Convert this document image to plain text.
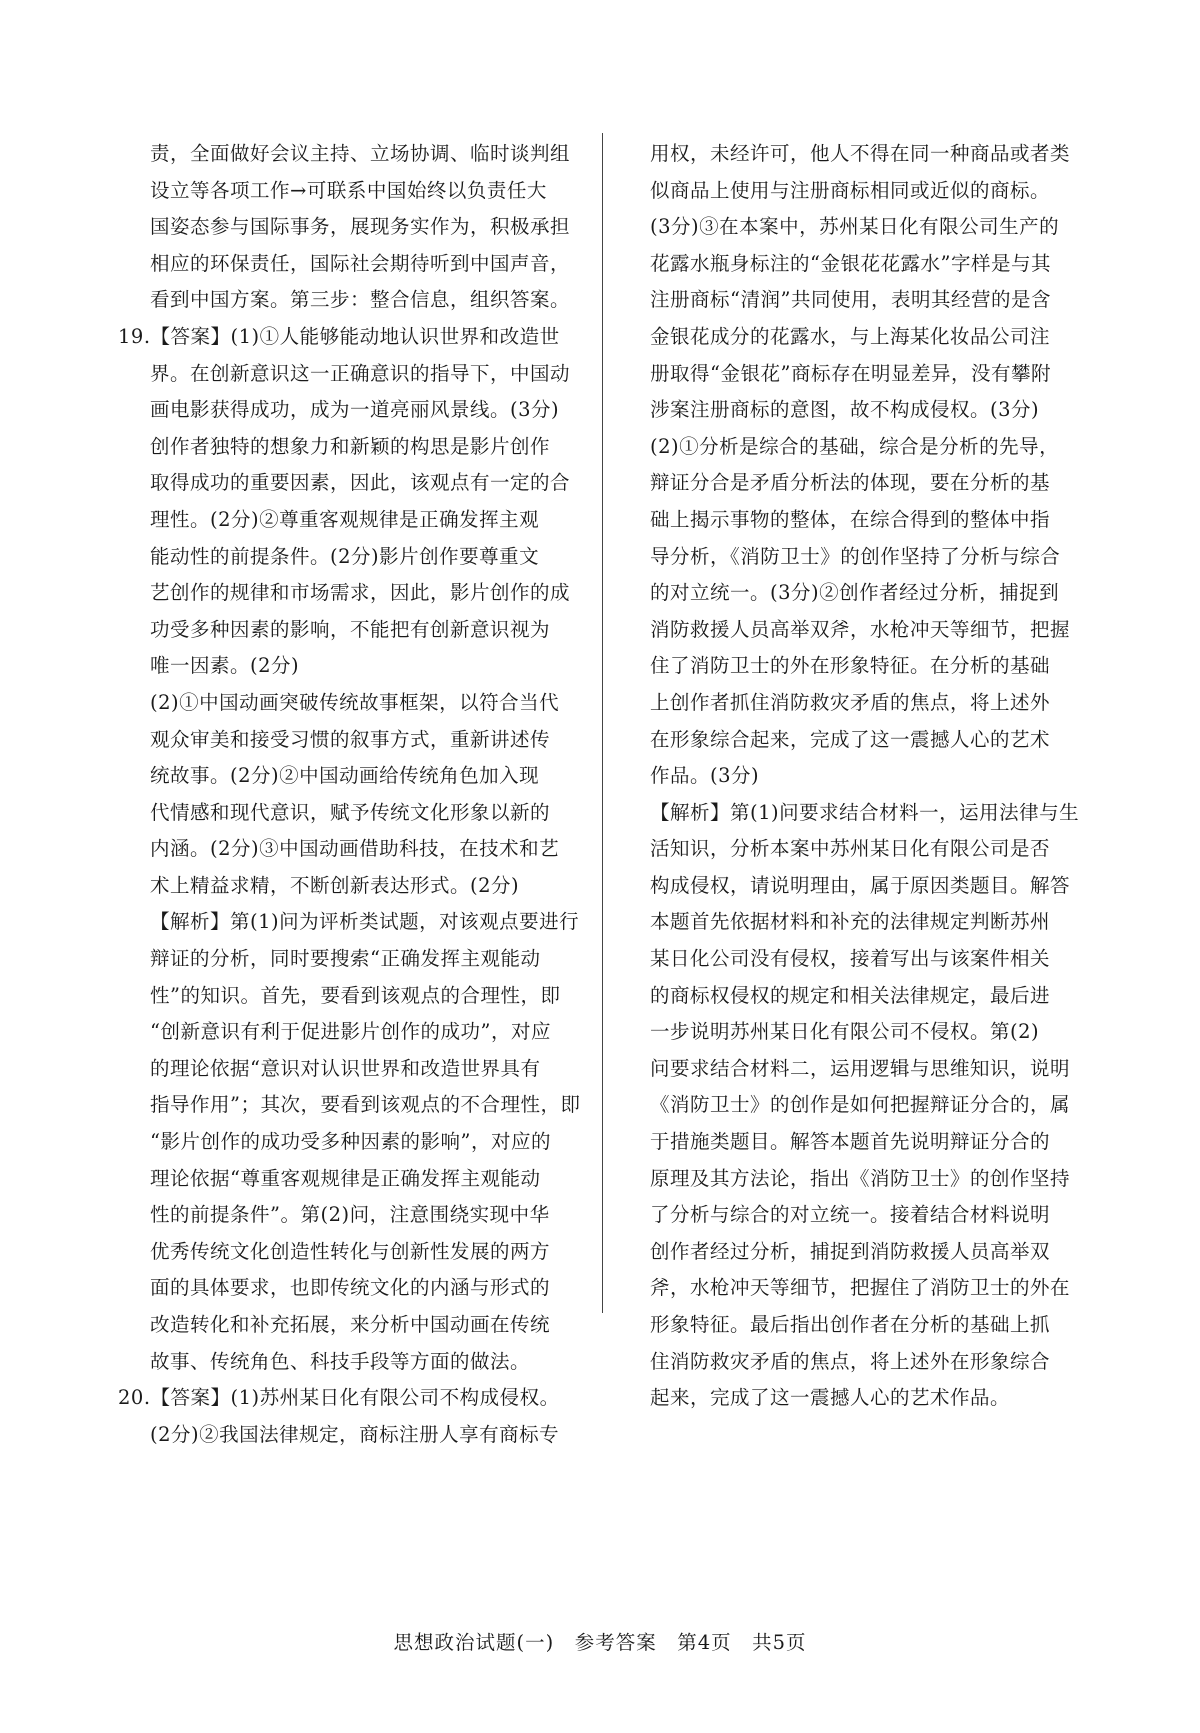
责，全面做好会议主持、立场协调、临时谈判组
设立等各项工作→可联系中国始终以负责任大
国姿态参与国际事务，展现务实作为，积极承担
相应的环保责任，国际社会期待听到中国声音，
看到中国方案。第三步：整合信息，组织答案。
19.【答案】(1)①人能够能动地认识世界和改造世
界。在创新意识这一正确意识的指导下，中国动
画电影获得成功，成为一道亮丽风景线。(3分)
创作者独特的想象力和新颖的构思是影片创作
取得成功的重要因素，因此，该观点有一定的合
理性。(2分)②尊重客观规律是正确发挥主观
能动性的前提条件。(2分)影片创作要尊重文
艺创作的规律和市场需求，因此，影片创作的成
功受多种因素的影响，不能把有创新意识视为
唯一因素。(2分)
(2)①中国动画突破传统故事框架，以符合当代
观众审美和接受习惯的叙事方式，重新讲述传
统故事。(2分)②中国动画给传统角色加入现
代情感和现代意识，赋予传统文化形象以新的
内涵。(2分)③中国动画借助科技，在技术和艺
术上精益求精，不断创新表达形式。(2分)
【解析】第(1)问为评析类试题，对该观点要进行
辩证的分析，同时要搜索“正确发挥主观能动
性”的知识。首先，要看到该观点的合理性，即
“创新意识有利于促进影片创作的成功”，对应
的理论依据“意识对认识世界和改造世界具有
指导作用”；其次，要看到该观点的不合理性，即
“影片创作的成功受多种因素的影响”，对应的
理论依据“尊重客观规律是正确发挥主观能动
性的前提条件”。第(2)问，注意围绕实现中华
优秀传统文化创造性转化与创新性发展的两方
面的具体要求，也即传统文化的内涵与形式的
改造转化和补充拓展，来分析中国动画在传统
故事、传统角色、科技手段等方面的做法。
20.【答案】(1)苏州某日化有限公司不构成侵权。
(2分)②我国法律规定，商标注册人享有商标专
用权，未经许可，他人不得在同一种商品或者类
似商品上使用与注册商标相同或近似的商标。
(3分)③在本案中，苏州某日化有限公司生产的
花露水瓶身标注的“金银花花露水”字样是与其
注册商标“清润”共同使用，表明其经营的是含
金银花成分的花露水，与上海某化妆品公司注
册取得“金银花”商标存在明显差异，没有攀附
涉案注册商标的意图，故不构成侵权。(3分)
(2)①分析是综合的基础，综合是分析的先导，
辩证分合是矛盾分析法的体现，要在分析的基
础上揭示事物的整体，在综合得到的整体中指
导分析，《消防卫士》的创作坚持了分析与综合
的对立统一。(3分)②创作者经过分析，捕捉到
消防救援人员高举双斧，水枪冲天等细节，把握
住了消防卫士的外在形象特征。在分析的基础
上创作者抓住消防救灾矛盾的焦点，将上述外
在形象综合起来，完成了这一震撼人心的艺术
作品。(3分)
【解析】第(1)问要求结合材料一，运用法律与生
活知识，分析本案中苏州某日化有限公司是否
构成侵权，请说明理由，属于原因类题目。解答
本题首先依据材料和补充的法律规定判断苏州
某日化公司没有侵权，接着写出与该案件相关
的商标权侵权的规定和相关法律规定，最后进
一步说明苏州某日化有限公司不侵权。第(2)
问要求结合材料二，运用逻辑与思维知识，说明
《消防卫士》的创作是如何把握辩证分合的，属
于措施类题目。解答本题首先说明辩证分合的
原理及其方法论，指出《消防卫士》的创作坚持
了分析与综合的对立统一。接着结合材料说明
创作者经过分析，捕捉到消防救援人员高举双
斧，水枪冲天等细节，把握住了消防卫士的外在
形象特征。最后指出创作者在分析的基础上抓
住消防救灾矛盾的焦点，将上述外在形象综合
起来，完成了这一震撼人心的艺术作品。
思想政治试题(一)　参考答案　第4页　共5页
